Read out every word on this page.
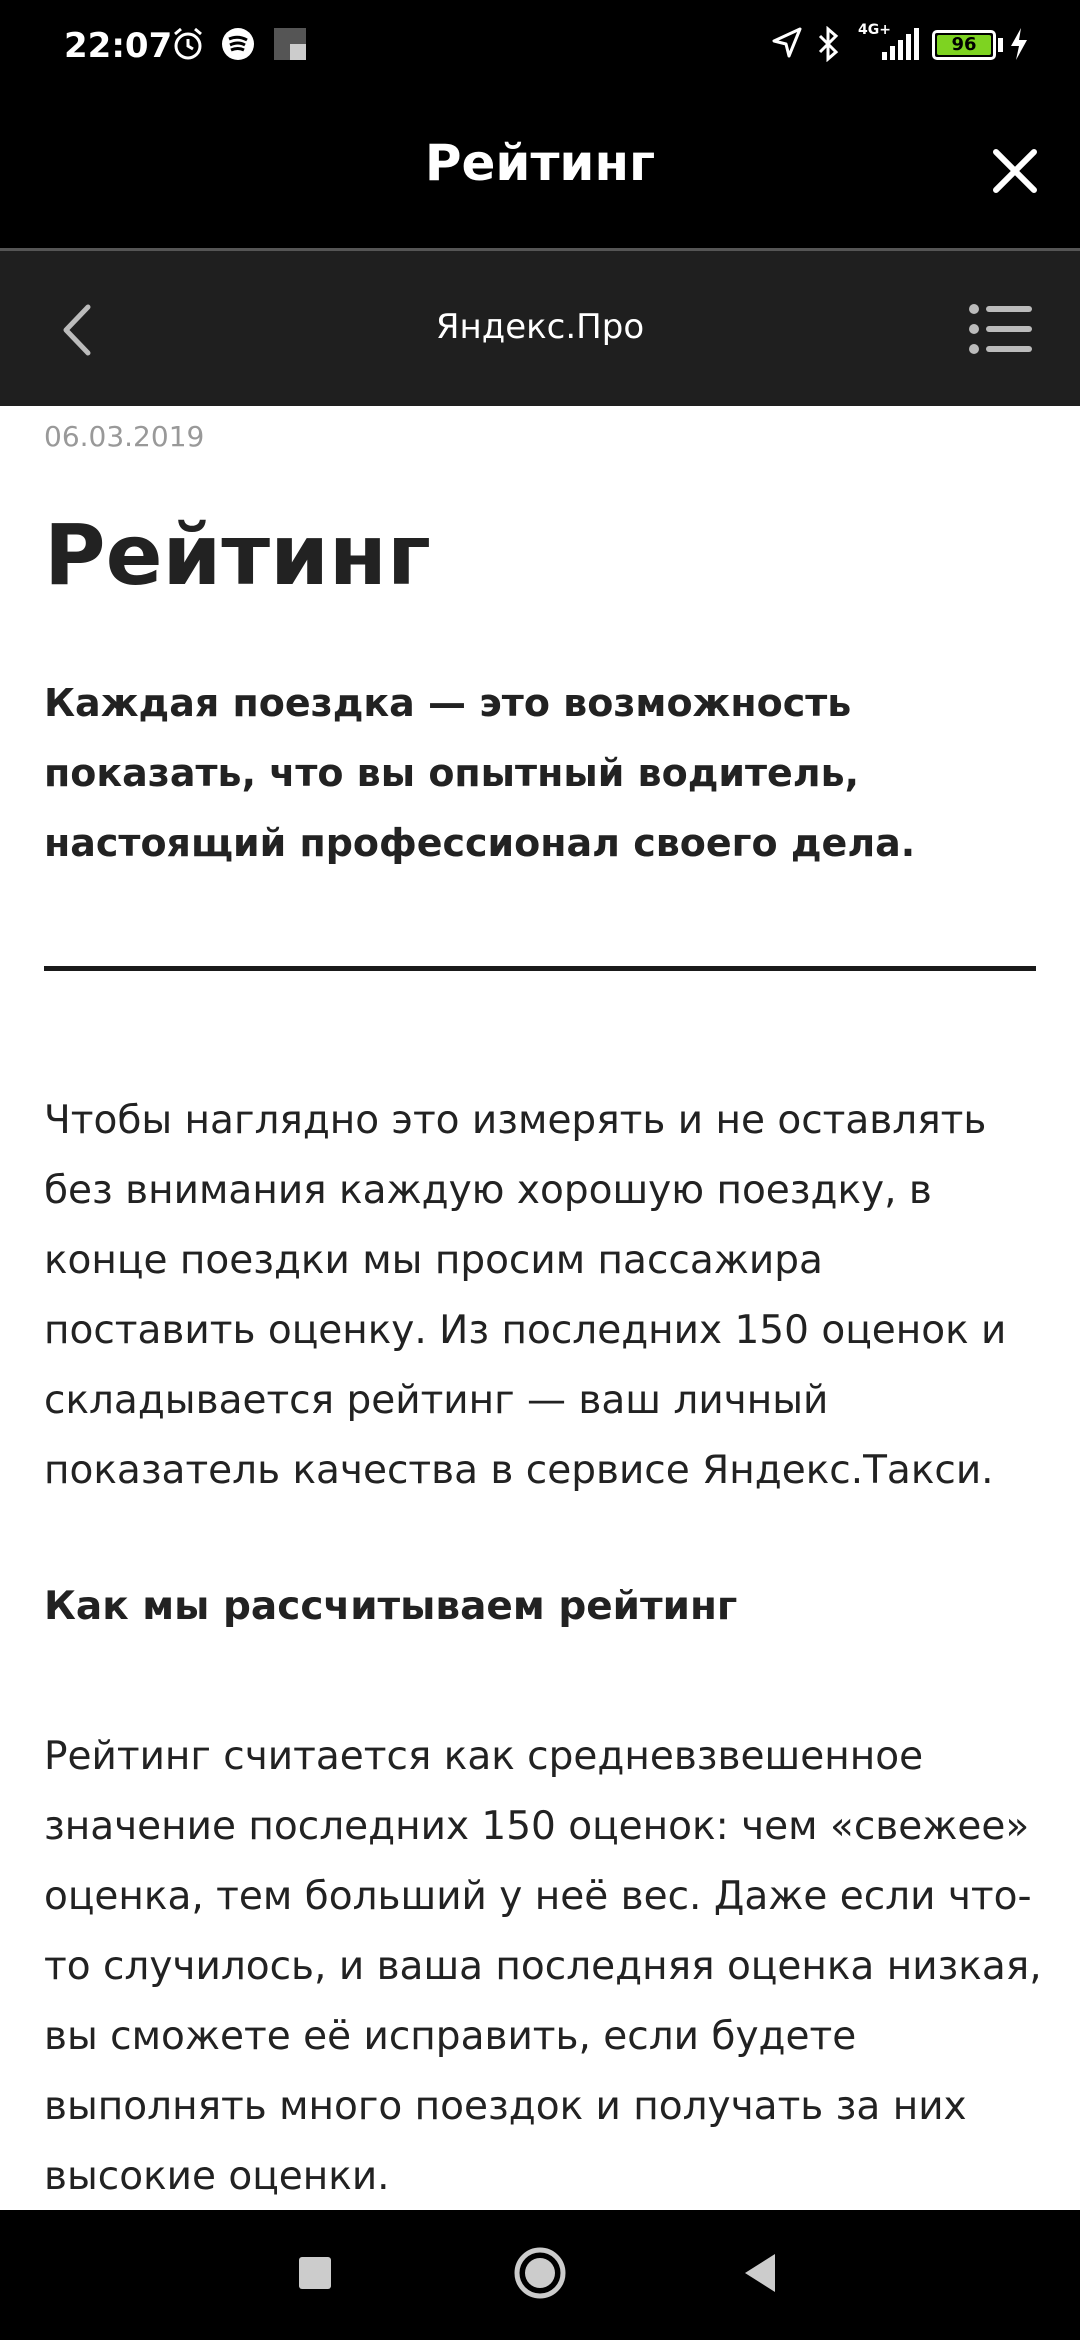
22:07	4G+
96
Рейтинг
Яндекс.Про
06.03.2019
Рейтинг
Каждая поездка — это возможность показать, что вы опытный водитель, настоящий профессионал своего дела.
Чтобы наглядно это измерять и не оставлять без внимания каждую хорошую поездку, в конце поездки мы просим пассажира поставить оценку. Из последних 150 оценок и складывается рейтинг — ваш личный показатель качества в сервисе Яндекс.Такси.
Как мы рассчитываем рейтинг
Рейтинг считается как средневзвешенное значение последних 150 оценок: чем «свежее» оценка, тем больший у неё вес. Даже если что-то случилось, и ваша последняя оценка низкая, вы сможете её исправить, если будете выполнять много поездок и получать за них высокие оценки.
